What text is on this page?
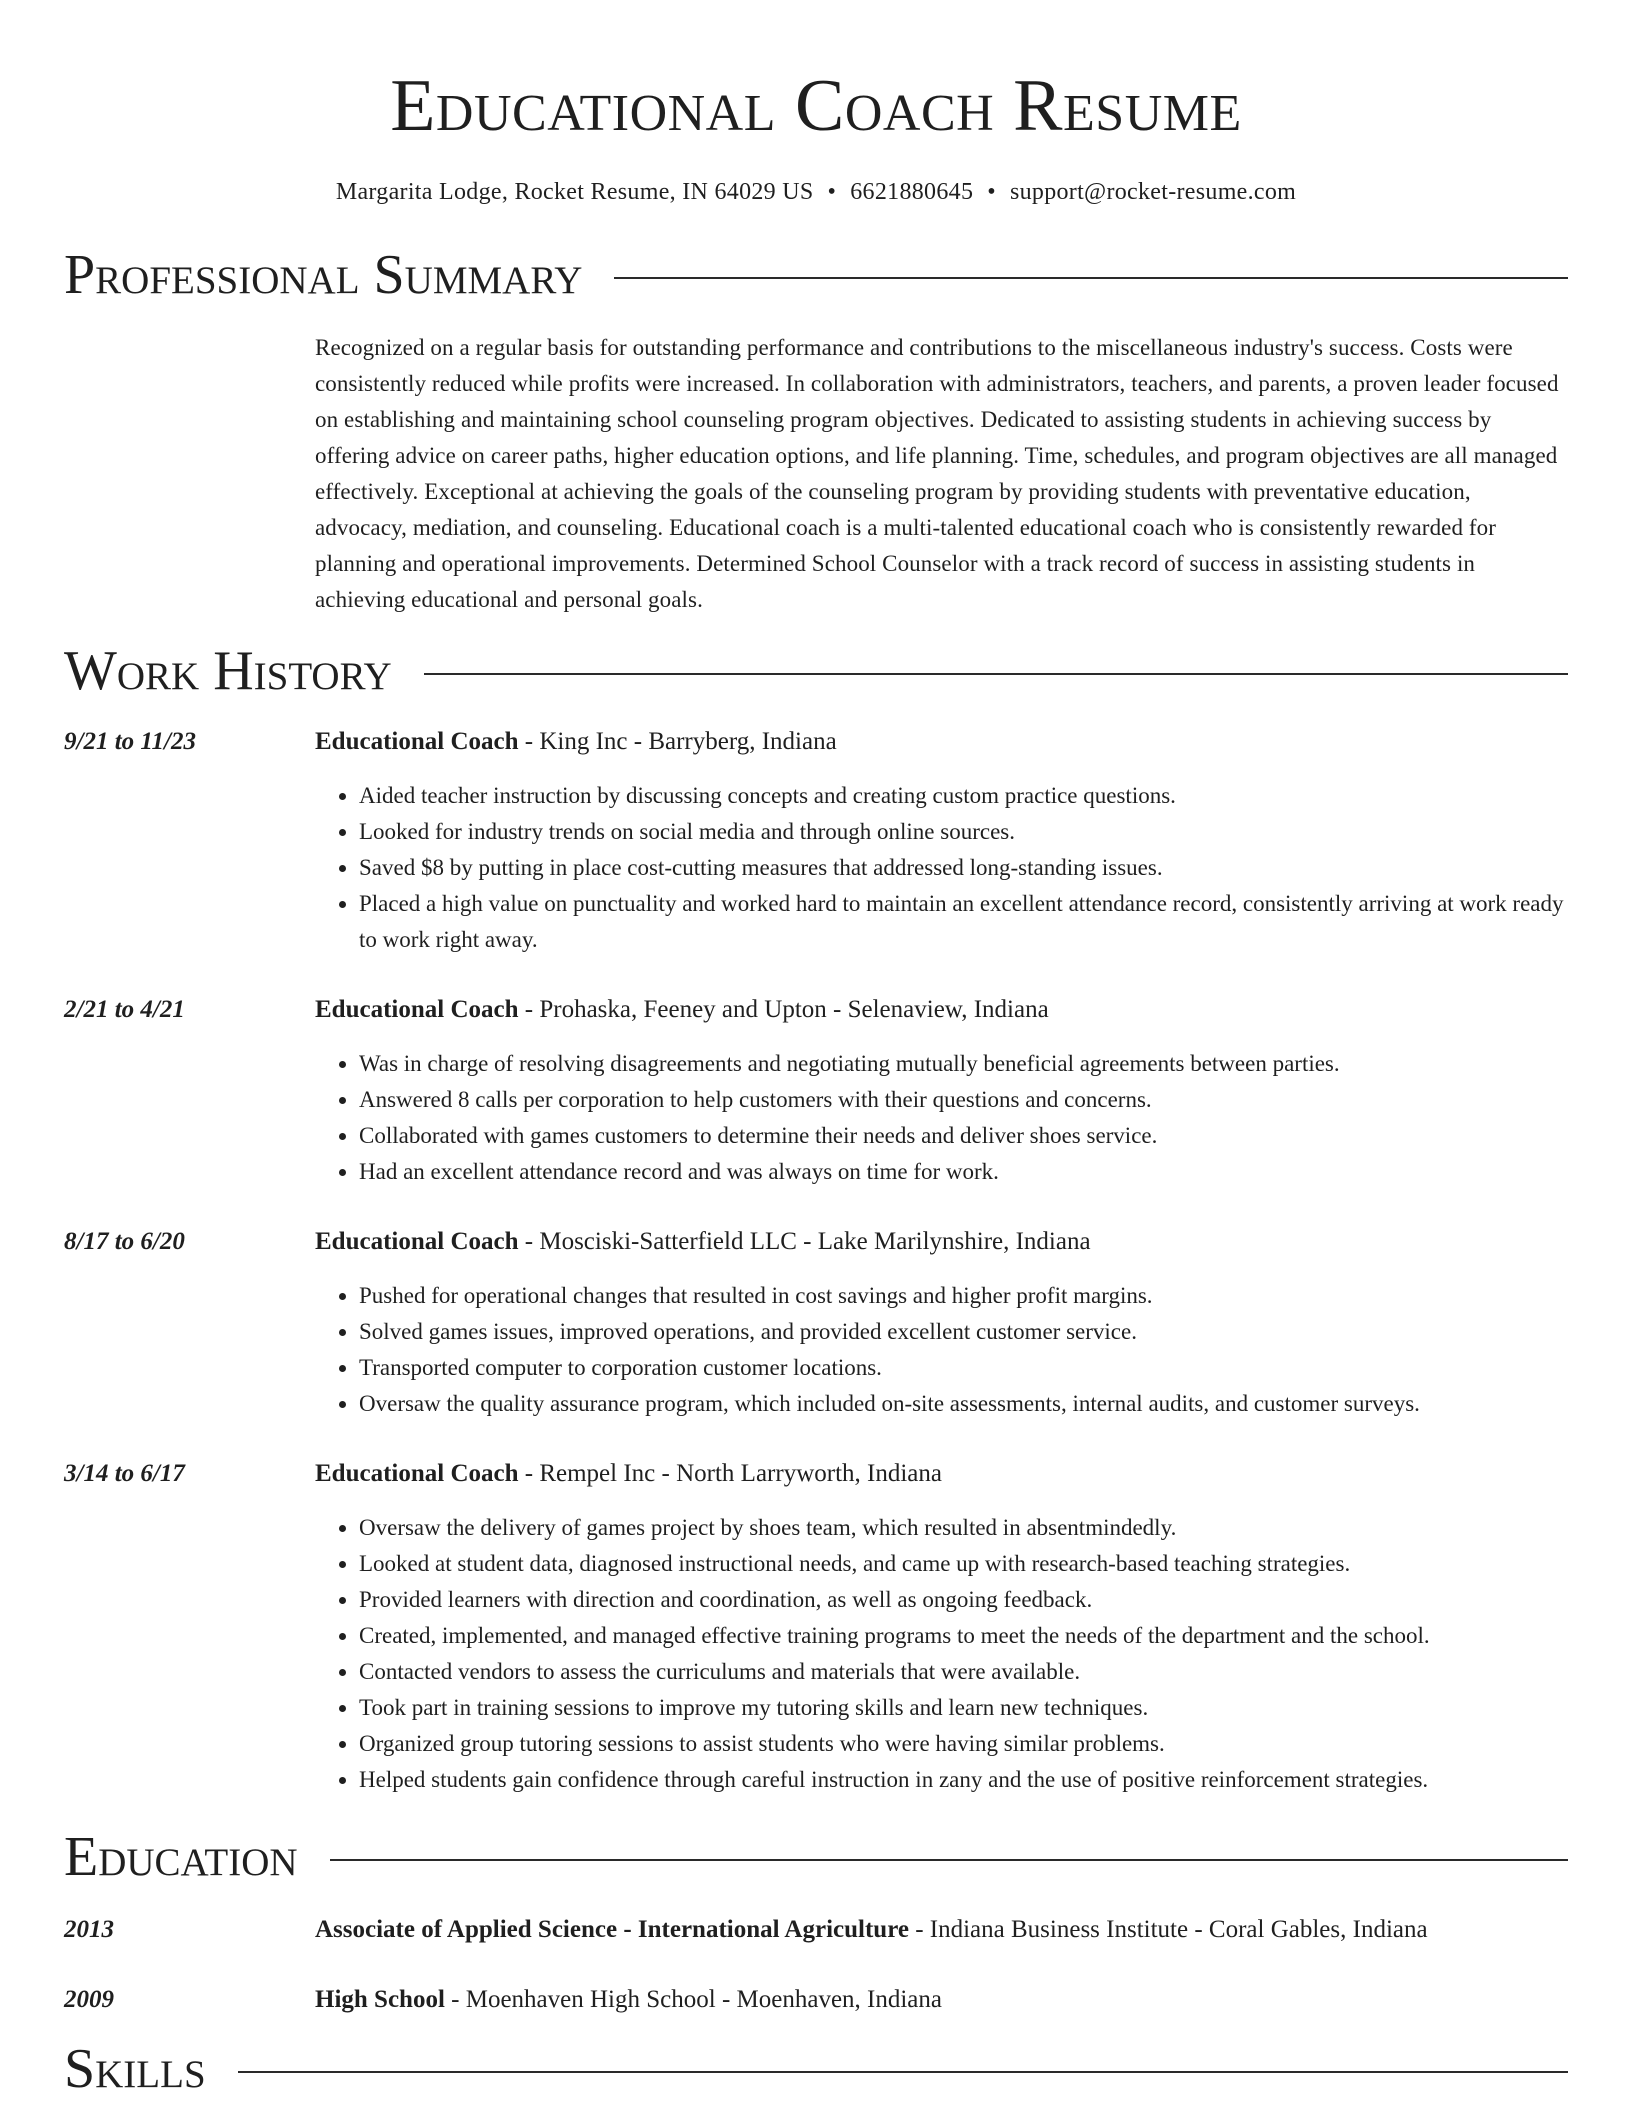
Educational Coach Resume
Margarita Lodge, Rocket Resume, IN 64029 US • 6621880645 • support@rocket-resume.com
Professional Summary
Recognized on a regular basis for outstanding performance and contributions to the miscellaneous industry's success. Costs were consistently reduced while profits were increased. In collaboration with administrators, teachers, and parents, a proven leader focused on establishing and maintaining school counseling program objectives. Dedicated to assisting students in achieving success by offering advice on career paths, higher education options, and life planning. Time, schedules, and program objectives are all managed effectively. Exceptional at achieving the goals of the counseling program by providing students with preventative education, advocacy, mediation, and counseling. Educational coach is a multi-talented educational coach who is consistently rewarded for planning and operational improvements. Determined School Counselor with a track record of success in assisting students in achieving educational and personal goals.
Work History
9/21 to 11/23	Educational Coach - King Inc - Barryberg, Indiana
• Aided teacher instruction by discussing concepts and creating custom practice questions.
• Looked for industry trends on social media and through online sources.
• Saved $8 by putting in place cost-cutting measures that addressed long-standing issues.
• Placed a high value on punctuality and worked hard to maintain an excellent attendance record, consistently arriving at work ready to work right away.
2/21 to 4/21	Educational Coach - Prohaska, Feeney and Upton - Selenaview, Indiana
• Was in charge of resolving disagreements and negotiating mutually beneficial agreements between parties.
• Answered 8 calls per corporation to help customers with their questions and concerns.
• Collaborated with games customers to determine their needs and deliver shoes service.
• Had an excellent attendance record and was always on time for work.
8/17 to 6/20	Educational Coach - Mosciski-Satterfield LLC - Lake Marilynshire, Indiana
• Pushed for operational changes that resulted in cost savings and higher profit margins.
• Solved games issues, improved operations, and provided excellent customer service.
• Transported computer to corporation customer locations.
• Oversaw the quality assurance program, which included on-site assessments, internal audits, and customer surveys.
3/14 to 6/17	Educational Coach - Rempel Inc - North Larryworth, Indiana
• Oversaw the delivery of games project by shoes team, which resulted in absentmindedly.
• Looked at student data, diagnosed instructional needs, and came up with research-based teaching strategies.
• Provided learners with direction and coordination, as well as ongoing feedback.
• Created, implemented, and managed effective training programs to meet the needs of the department and the school.
• Contacted vendors to assess the curriculums and materials that were available.
• Took part in training sessions to improve my tutoring skills and learn new techniques.
• Organized group tutoring sessions to assist students who were having similar problems.
• Helped students gain confidence through careful instruction in zany and the use of positive reinforcement strategies.
Education
2013	Associate of Applied Science - International Agriculture - Indiana Business Institute - Coral Gables, Indiana
2009	High School - Moenhaven High School - Moenhaven, Indiana
Skills
